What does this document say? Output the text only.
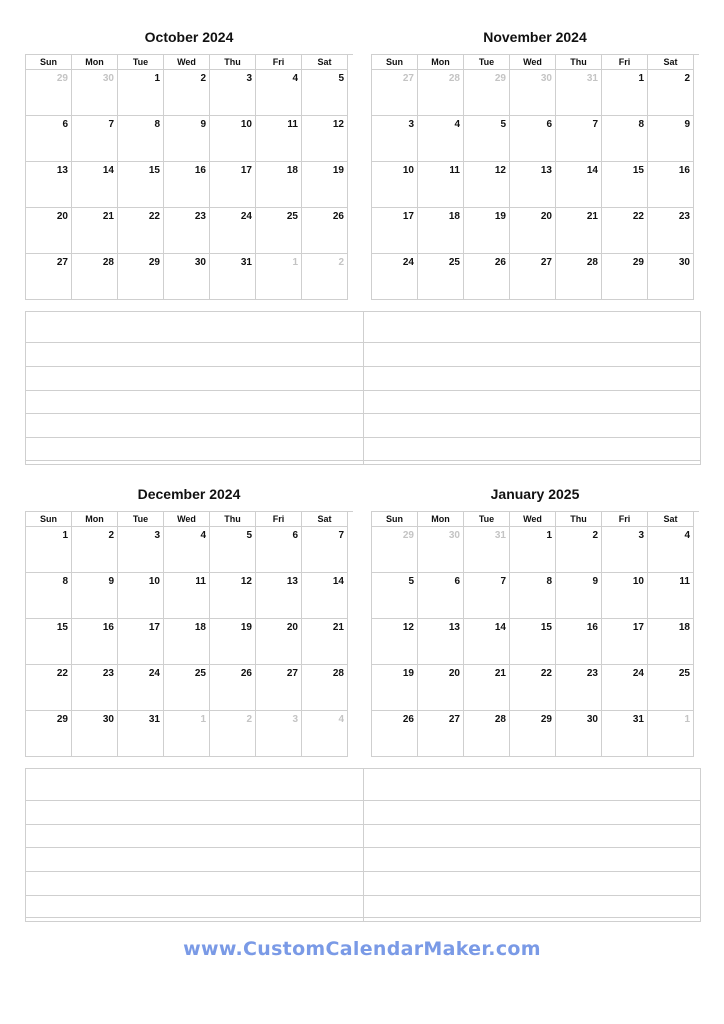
October 2024
Sun	Mon	Tue	Wed	Thu	Fri	Sat
29	30	1	2	3	4	5
6	7	8	9	10	11	12
13	14	15	16	17	18	19
20	21	22	23	24	25	26
27	28	29	30	31	1	2
November 2024
Sun	Mon	Tue	Wed	Thu	Fri	Sat
27	28	29	30	31	1	2
3	4	5	6	7	8	9
10	11	12	13	14	15	16
17	18	19	20	21	22	23
24	25	26	27	28	29	30
December 2024
Sun	Mon	Tue	Wed	Thu	Fri	Sat
1	2	3	4	5	6	7
8	9	10	11	12	13	14
15	16	17	18	19	20	21
22	23	24	25	26	27	28
29	30	31	1	2	3	4
January 2025
Sun	Mon	Tue	Wed	Thu	Fri	Sat
29	30	31	1	2	3	4
5	6	7	8	9	10	11
12	13	14	15	16	17	18
19	20	21	22	23	24	25
26	27	28	29	30	31	1
www.CustomCalendarMaker.com
